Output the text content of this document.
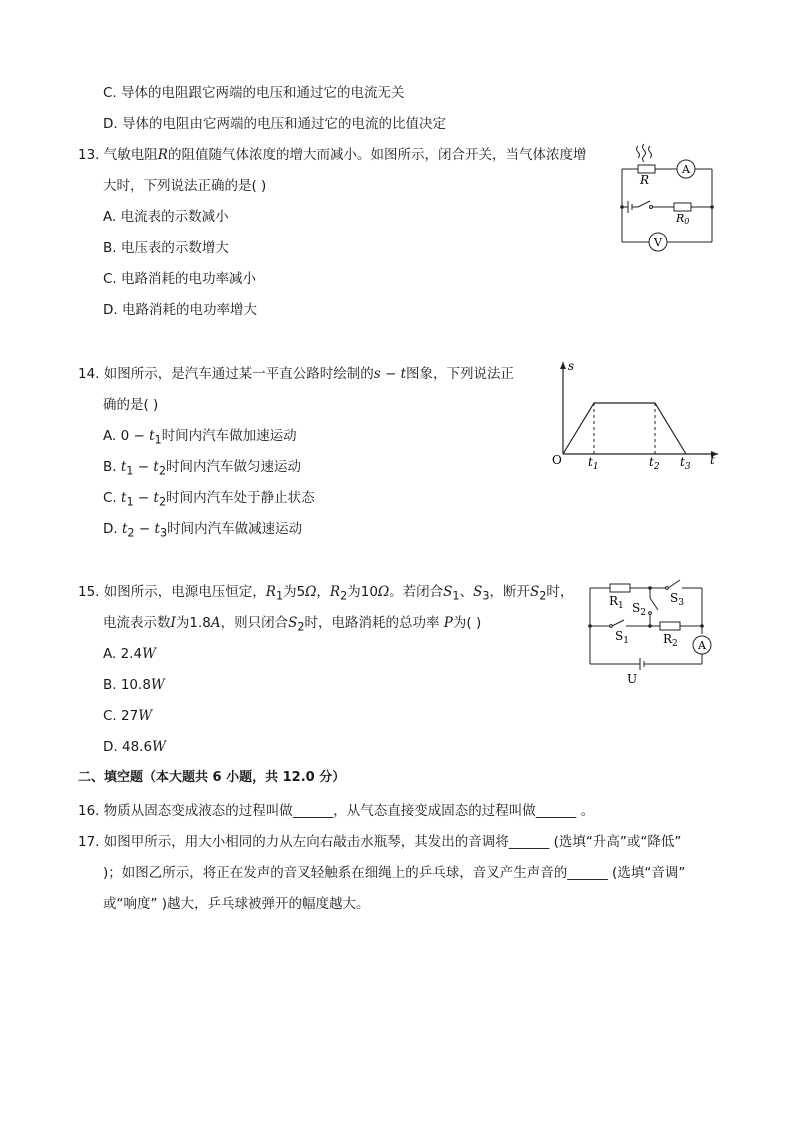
C. 导体的电阻跟它两端的电压和通过它的电流无关
D. 导体的电阻由它两端的电压和通过它的电流的比值决定
13. 气敏电阻R的阻值随气体浓度的增大而减小。如图所示，闭合开关，当气体浓度增
大时，下列说法正确的是( )
A. 电流表的示数减小
B. 电压表的示数增大
C. 电路消耗的电功率减小
D. 电路消耗的电功率增大
R
A
R0
V
14. 如图所示，是汽车通过某一平直公路时绘制的s − t图象，下列说法正
确的是( )
A. $0 - t_1$时间内汽车做加速运动
B. $t_1 - t_2$时间内汽车做匀速运动
C. $t_1 - t_2$时间内汽车处于静止状态
D. $t_2 - t_3$时间内汽车做减速运动
s
t
O $t_1$	$t_2$ $t_3$
15. 如图所示，电源电压恒定，$R_1$为5Ω，$R_2$为10Ω。若闭合$S_1$、$S_3$，断开$S_2$时，
电流表示数I为1.8A，则只闭合$S_2$时，电路消耗的总功率 P为( )
A. 2.4W
B. 10.8W
C. 27W
D. 48.6W
$R_1$ $S_2$
$S_3$
$S_1$	$R_2$ A
U
二、填空题（本大题共 6 小题，共 12.0 分）
16. 物质从固态变成液态的过程叫做______，从气态直接变成固态的过程叫做______ 。
17. 如图甲所示，用大小相同的力从左向右敲击水瓶琴，其发出的音调将______ (选填“升高”或“降低”
)；如图乙所示，将正在发声的音叉轻触系在细绳上的乒乓球，音叉产生声音的______ (选填“音调”
或“响度” )越大，乒乓球被弹开的幅度越大。
